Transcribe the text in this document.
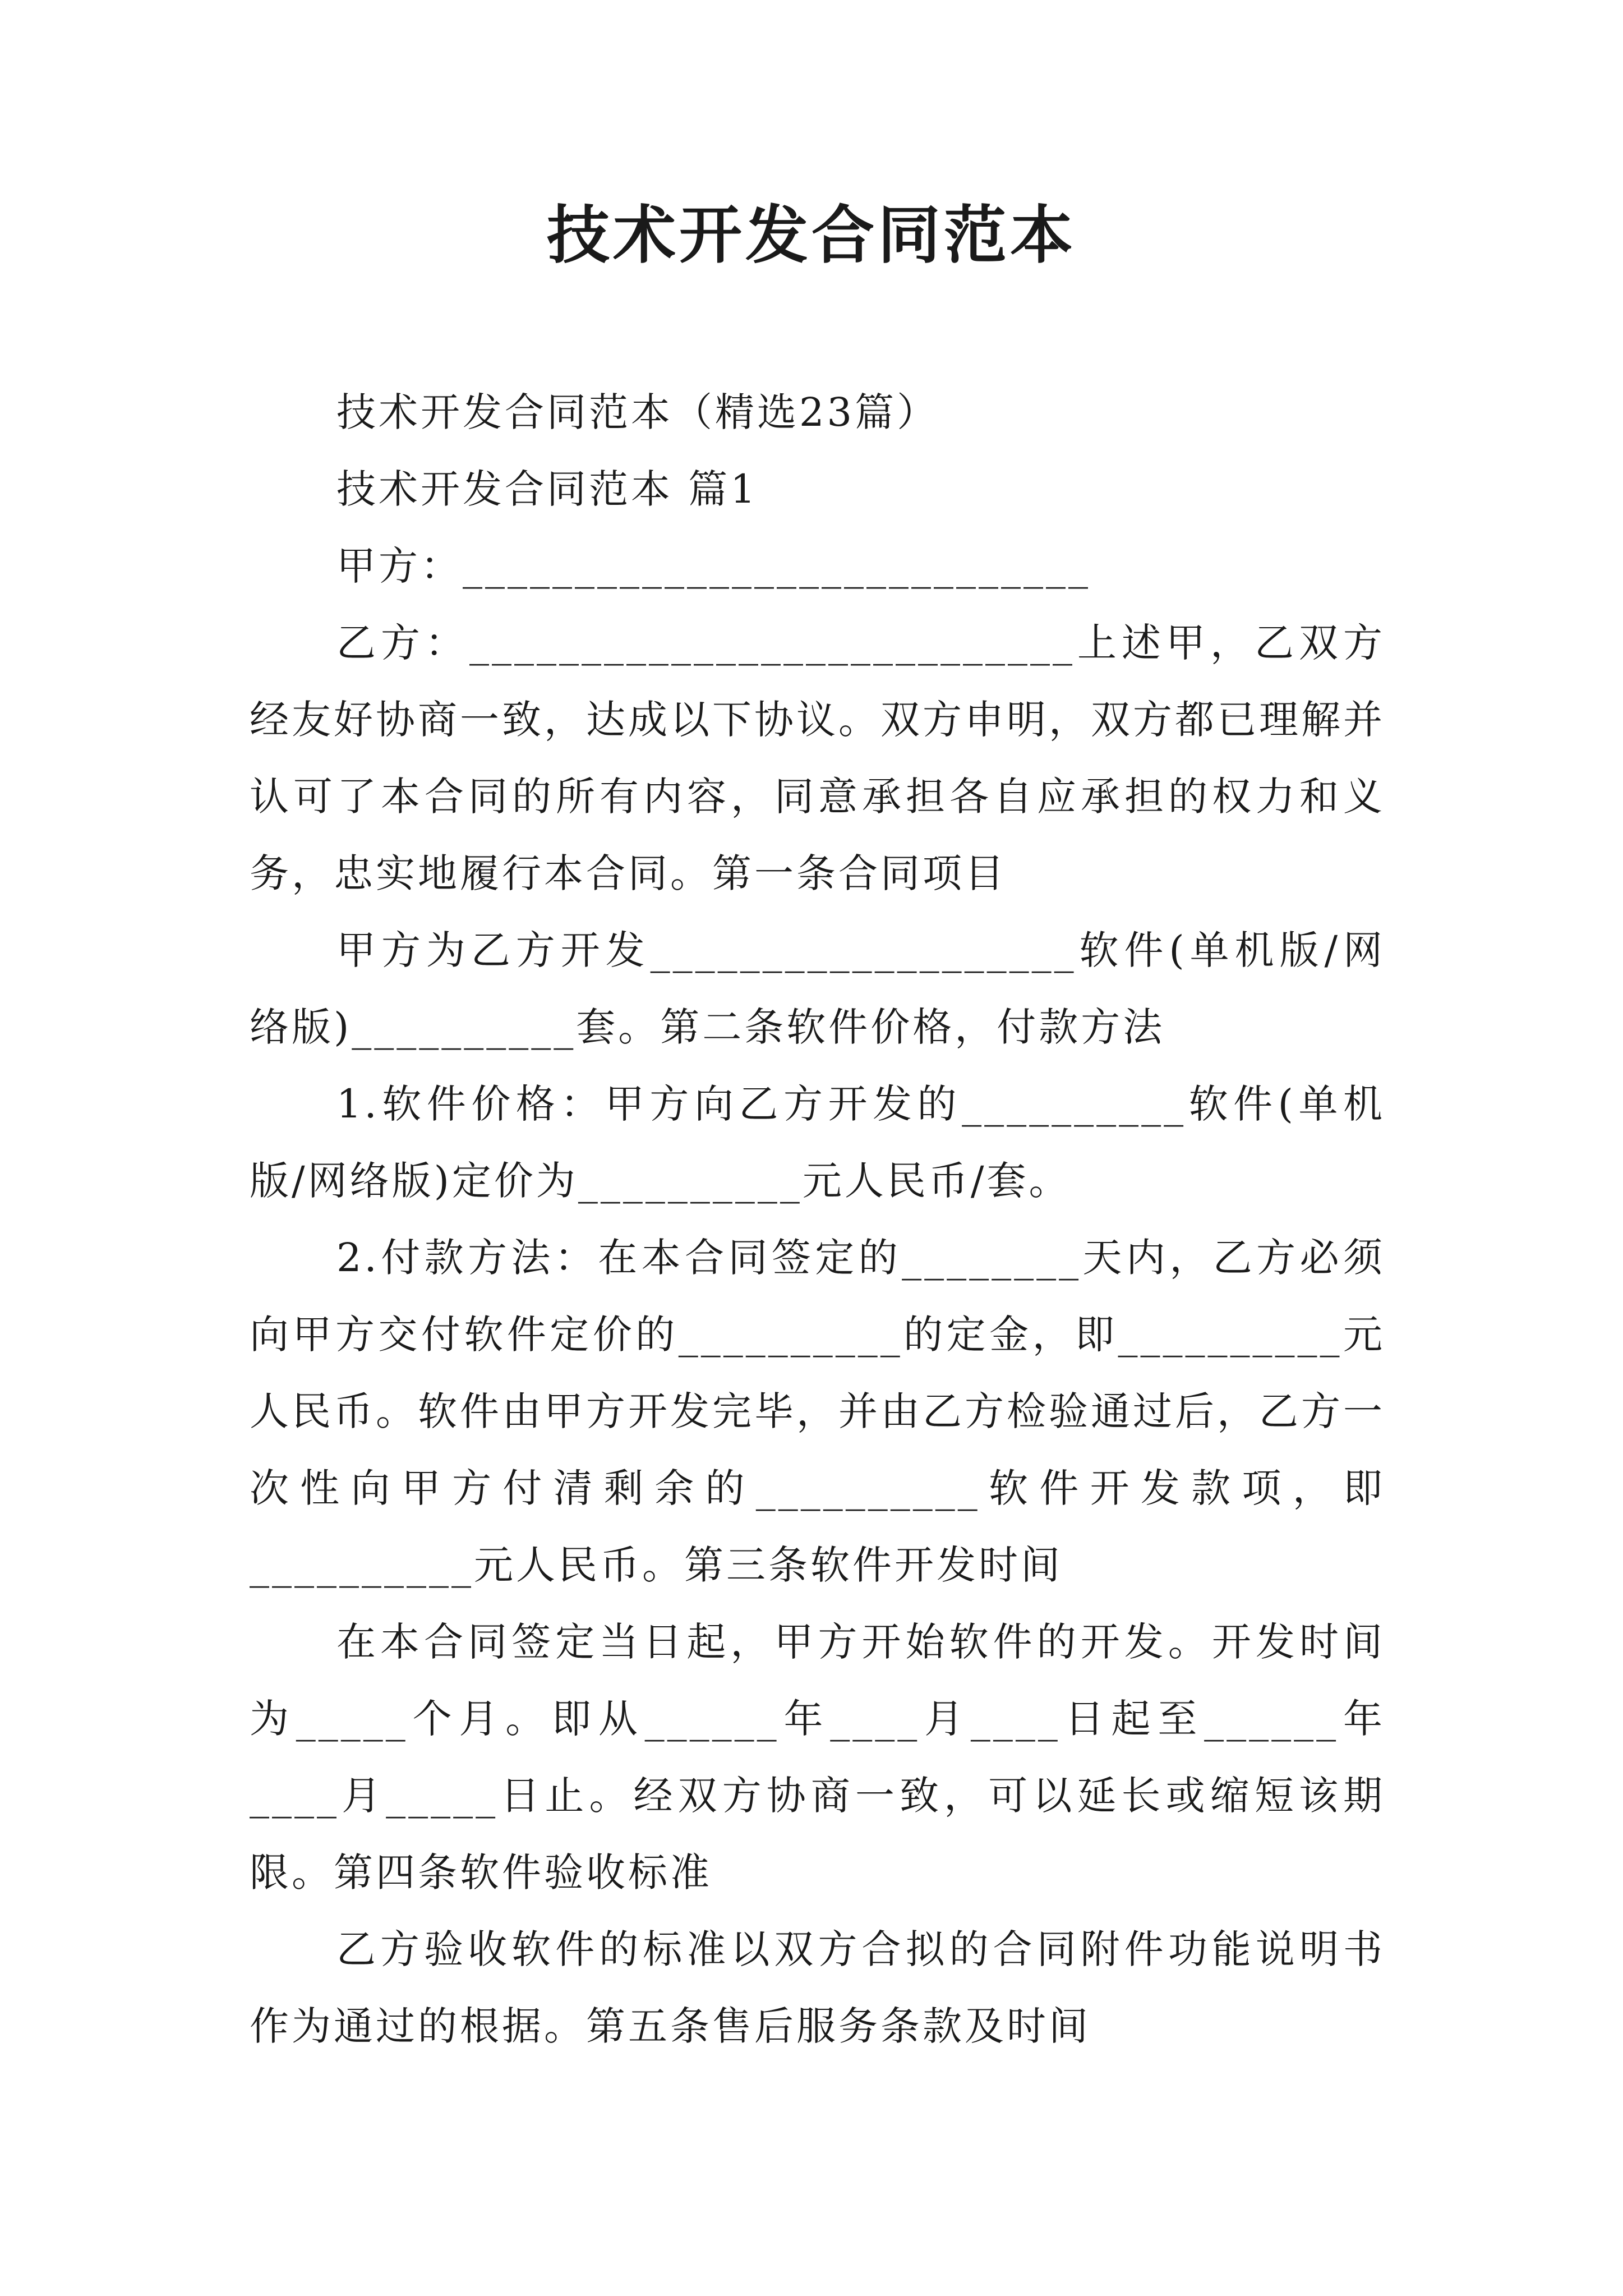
技术开发合同范本

技术开发合同范本（精选23篇）

技术开发合同范本 篇1

甲方：____________________________

乙方：___________________________上述甲，乙双方经友好协商一致，达成以下协议。双方申明，双方都已理解并认可了本合同的所有内容，同意承担各自应承担的权力和义务，忠实地履行本合同。第一条合同项目

甲方为乙方开发___________________软件(单机版/网络版)__________套。第二条软件价格，付款方法

1.软件价格：甲方向乙方开发的__________软件(单机版/网络版)定价为__________元人民币/套。

2.付款方法：在本合同签定的________天内，乙方必须向甲方交付软件定价的__________的定金，即__________元人民币。软件由甲方开发完毕，并由乙方检验通过后，乙方一次性向甲方付清剩余的__________软件开发款项，即__________元人民币。第三条软件开发时间

在本合同签定当日起，甲方开始软件的开发。开发时间为_____个月。即从______年____月____日起至______年____月_____日止。经双方协商一致，可以延长或缩短该期限。第四条软件验收标准

乙方验收软件的标准以双方合拟的合同附件功能说明书作为通过的根据。第五条售后服务条款及时间
